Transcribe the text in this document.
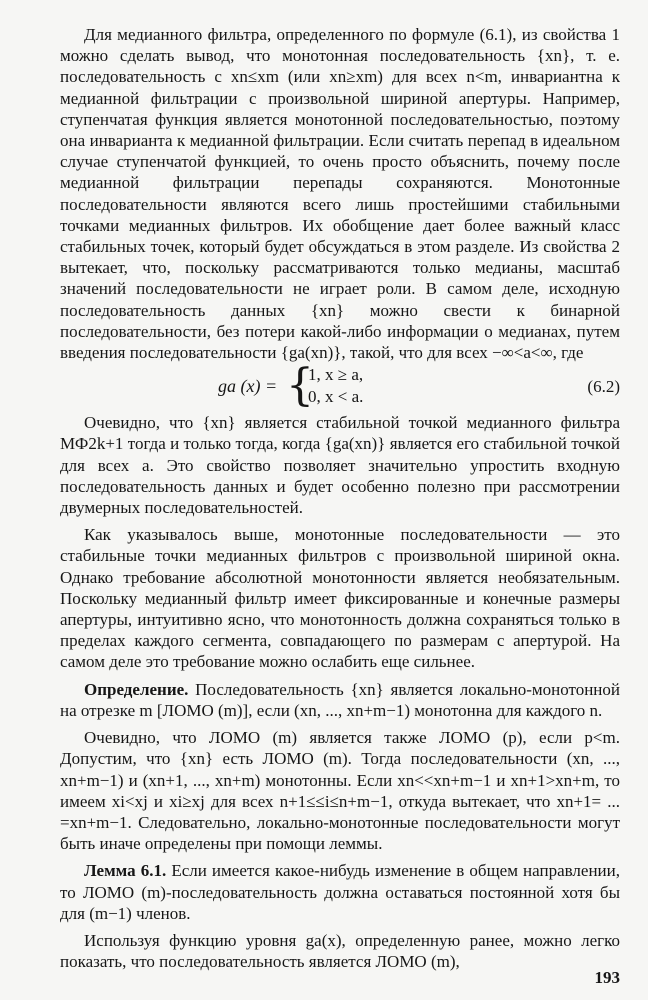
Для медианного фильтра, определенного по формуле (6.1), из свойства 1 можно сделать вывод, что монотонная последовательность {xn}, т. е. последовательность с xn≤xm (или xn≥xm) для всех n<m, инвариантна к медианной фильтрации с произвольной шириной апертуры. Например, ступенчатая функция является монотонной последовательностью, поэтому она инварианта к медианной фильтрации. Если считать перепад в идеальном случае ступенчатой функцией, то очень просто объяснить, почему после медианной фильтрации перепады сохраняются. Монотонные последовательности являются всего лишь простейшими стабильными точками медианных фильтров. Их обобщение дает более важный класс стабильных точек, который будет обсуждаться в этом разделе. Из свойства 2 вытекает, что, поскольку рассматриваются только медианы, масштаб значений последовательности не играет роли. В самом деле, исходную последовательность данных {xn} можно свести к бинарной последовательности, без потери какой-либо информации о медианах, путем введения последовательности {ga(xn)}, такой, что для всех −∞<a<∞, где

ga (x) = {
1, x ≥ a,
0, x < a.
(6.2)

Очевидно, что {xn} является стабильной точкой медианного фильтра МФ2k+1 тогда и только тогда, когда {ga(xn)} является его стабильной точкой для всех a. Это свойство позволяет значительно упростить входную последовательность данных и будет особенно полезно при рассмотрении двумерных последовательностей.

Как указывалось выше, монотонные последовательности — это стабильные точки медианных фильтров с произвольной шириной окна. Однако требование абсолютной монотонности является необязательным. Поскольку медианный фильтр имеет фиксированные и конечные размеры апертуры, интуитивно ясно, что монотонность должна сохраняться только в пределах каждого сегмента, совпадающего по размерам с апертурой. На самом деле это требование можно ослабить еще сильнее.

Определение. Последовательность {xn} является локально-монотонной на отрезке m [ЛОМО (m)], если (xn, ..., xn+m−1) монотонна для каждого n.

Очевидно, что ЛОМО (m) является также ЛОМО (p), если p<m. Допустим, что {xn} есть ЛОМО (m). Тогда последовательности (xn, ..., xn+m−1) и (xn+1, ..., xn+m) монотонны. Если xn<<xn+m−1 и xn+1>xn+m, то имеем xi<xj и xi≥xj для всех n+1≤≤i≤n+m−1, откуда вытекает, что xn+1= ... =xn+m−1. Следовательно, локально-монотонные последовательности могут быть иначе определены при помощи леммы.

Лемма 6.1. Если имеется какое-нибудь изменение в общем направлении, то ЛОМО (m)-последовательность должна оставаться постоянной хотя бы для (m−1) членов.

Используя функцию уровня ga(x), определенную ранее, можно легко показать, что последовательность является ЛОМО (m),

193
